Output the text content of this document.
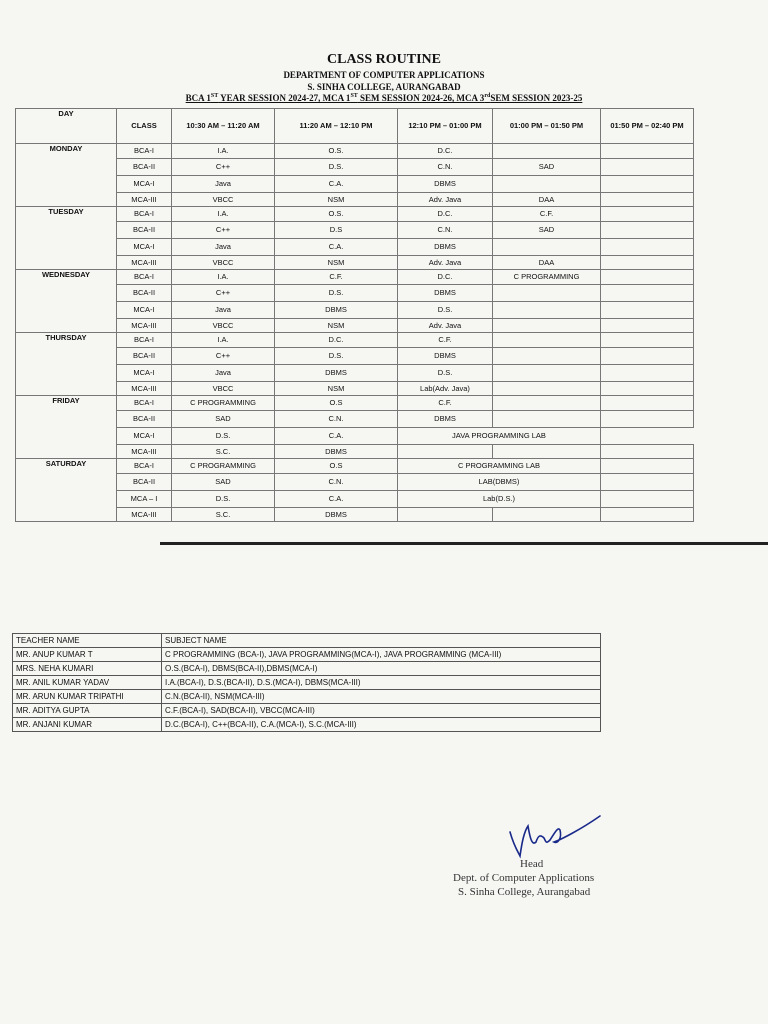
CLASS ROUTINE
DEPARTMENT OF COMPUTER APPLICATIONS
S. SINHA COLLEGE, AURANGABAD
BCA 1ST YEAR SESSION 2024-27, MCA 1ST SEM SESSION 2024-26, MCA 3rdSEM SESSION 2023-25
DAY	CLASS	10:30 AM – 11:20 AM	11:20 AM – 12:10 PM	12:10 PM – 01:00 PM	01:00 PM – 01:50 PM	01:50 PM – 02:40 PM
MONDAY	BCA-I	I.A.	O.S.	D.C.		
	BCA-II	C++	D.S.	C.N.	SAD	
	MCA-I	Java	C.A.	DBMS		
	MCA-III	VBCC	NSM	Adv. Java	DAA	
TUESDAY	BCA-I	I.A.	O.S.	D.C.	C.F.	
	BCA-II	C++	D.S	C.N.	SAD	
	MCA-I	Java	C.A.	DBMS		
	MCA-III	VBCC	NSM	Adv. Java	DAA	
WEDNESDAY	BCA-I	I.A.	C.F.	D.C.	C PROGRAMMING	
	BCA-II	C++	D.S.	DBMS		
	MCA-I	Java	DBMS	D.S.		
	MCA-III	VBCC	NSM	Adv. Java		
THURSDAY	BCA-I	I.A.	D.C.	C.F.		
	BCA-II	C++	D.S.	DBMS		
	MCA-I	Java	DBMS	D.S.		
	MCA-III	VBCC	NSM	Lab(Adv. Java)		
FRIDAY	BCA-I	C PROGRAMMING	O.S	C.F.		
	BCA-II	SAD	C.N.	DBMS		
	MCA-I	D.S.	C.A.	JAVA PROGRAMMING LAB		
	MCA-III	S.C.	DBMS			
SATURDAY	BCA-I	C PROGRAMMING	O.S	C PROGRAMMING LAB		
	BCA-II	SAD	C.N.	LAB(DBMS)		
	MCA – I	D.S.	C.A.	Lab(D.S.)		
	MCA-III	S.C.	DBMS			
TEACHER NAME	SUBJECT NAME
MR. ANUP KUMAR T	C PROGRAMMING (BCA-I), JAVA PROGRAMMING(MCA-I), JAVA PROGRAMMING (MCA-III)
MRS. NEHA KUMARI	O.S.(BCA-I), DBMS(BCA-II),DBMS(MCA-I)
MR. ANIL KUMAR YADAV	I.A.(BCA-I), D.S.(BCA-II), D.S.(MCA-I), DBMS(MCA-III)
MR. ARUN KUMAR TRIPATHI	C.N.(BCA-II), NSM(MCA-III)
MR. ADITYA GUPTA	C.F.(BCA-I), SAD(BCA-II), VBCC(MCA-III)
MR. ANJANI KUMAR	D.C.(BCA-I), C++(BCA-II), C.A.(MCA-I), S.C.(MCA-III)
Head
Dept. of Computer Applications
S. Sinha College, Aurangabad
